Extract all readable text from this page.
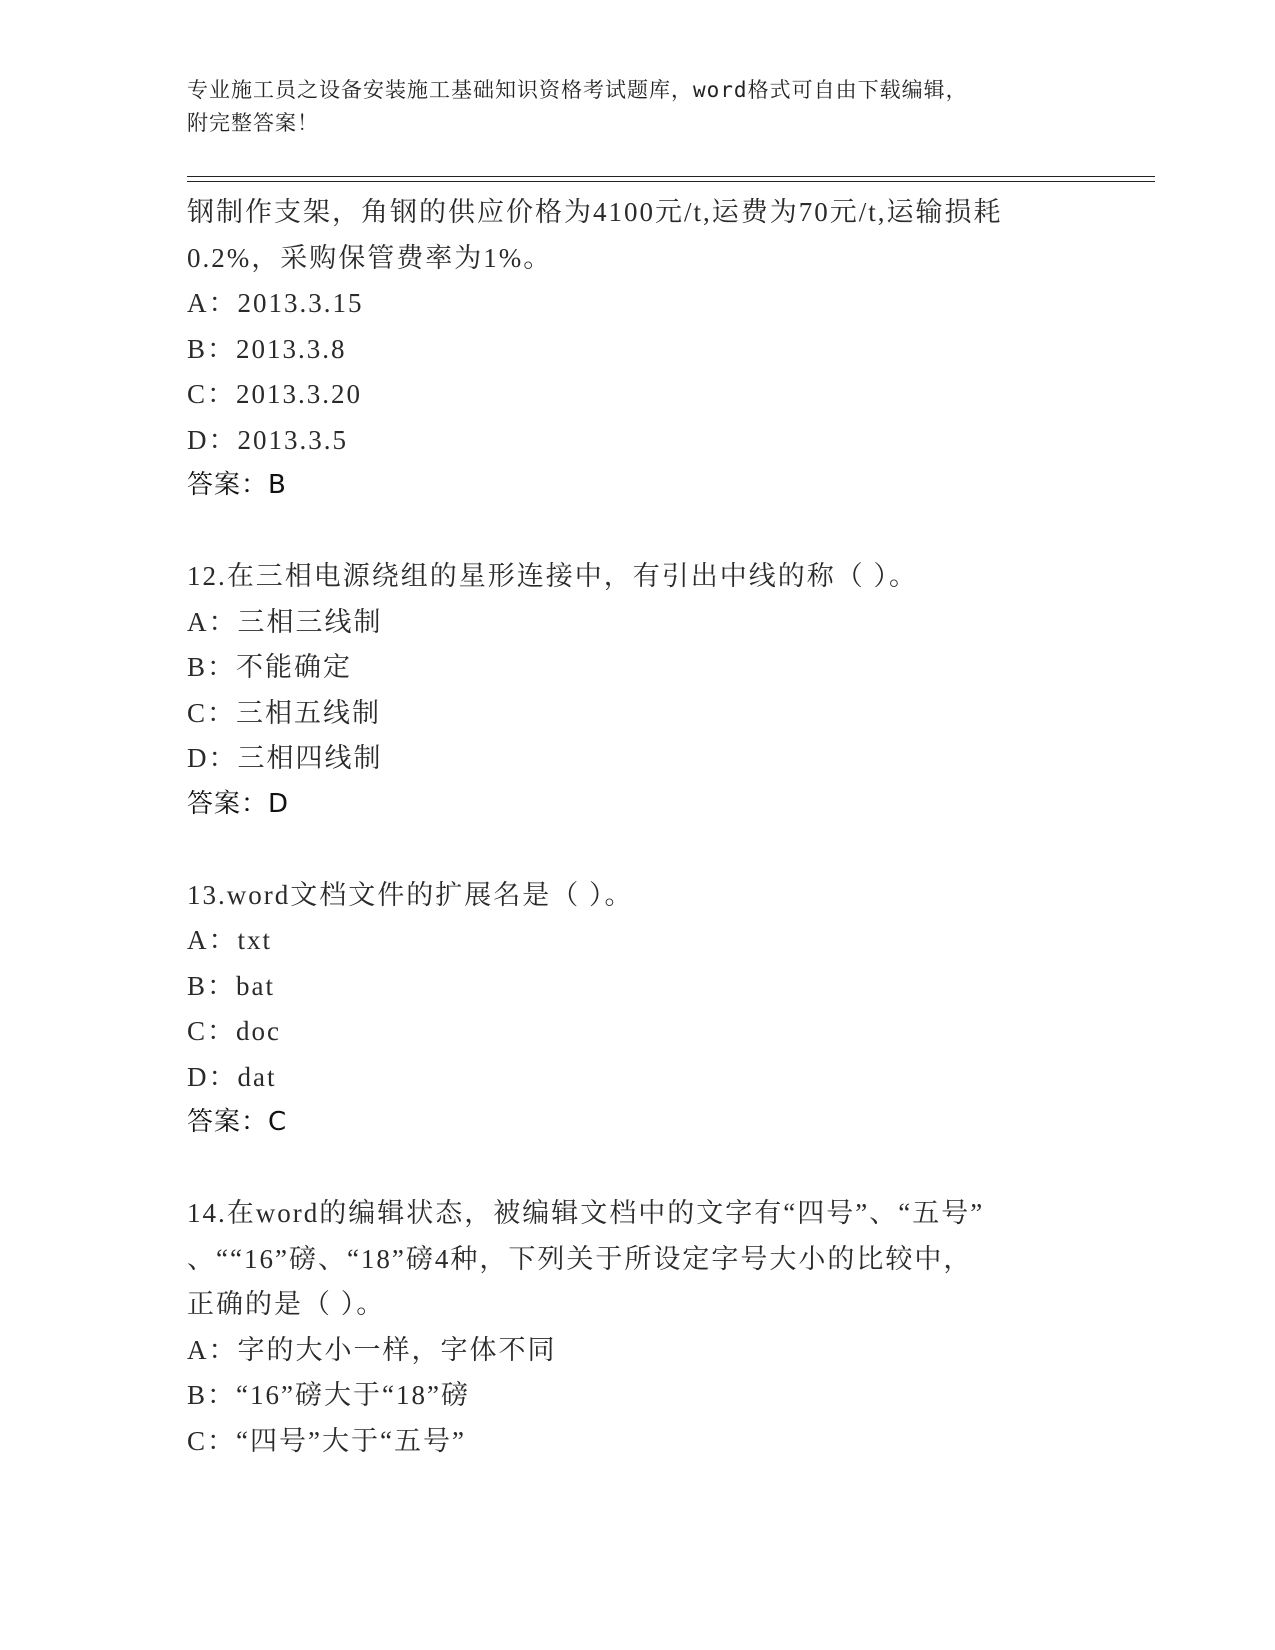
专业施工员之设备安装施工基础知识资格考试题库，word格式可自由下载编辑，
附完整答案！
钢制作支架，角钢的供应价格为4100元/t,运费为70元/t,运输损耗
0.2%，采购保管费率为1%。
A：2013.3.15
B：2013.3.8
C：2013.3.20
D：2013.3.5
答案：B
12.在三相电源绕组的星形连接中，有引出中线的称（ ）。
A：三相三线制
B：不能确定
C：三相五线制
D：三相四线制
答案：D
13.word文档文件的扩展名是（ ）。
A：txt
B：bat
C：doc
D：dat
答案：C
14.在word的编辑状态，被编辑文档中的文字有“四号”、“五号”
、““16”磅、“18”磅4种，下列关于所设定字号大小的比较中，
正确的是（ ）。
A：字的大小一样，字体不同
B：“16”磅大于“18”磅
C：“四号”大于“五号”
